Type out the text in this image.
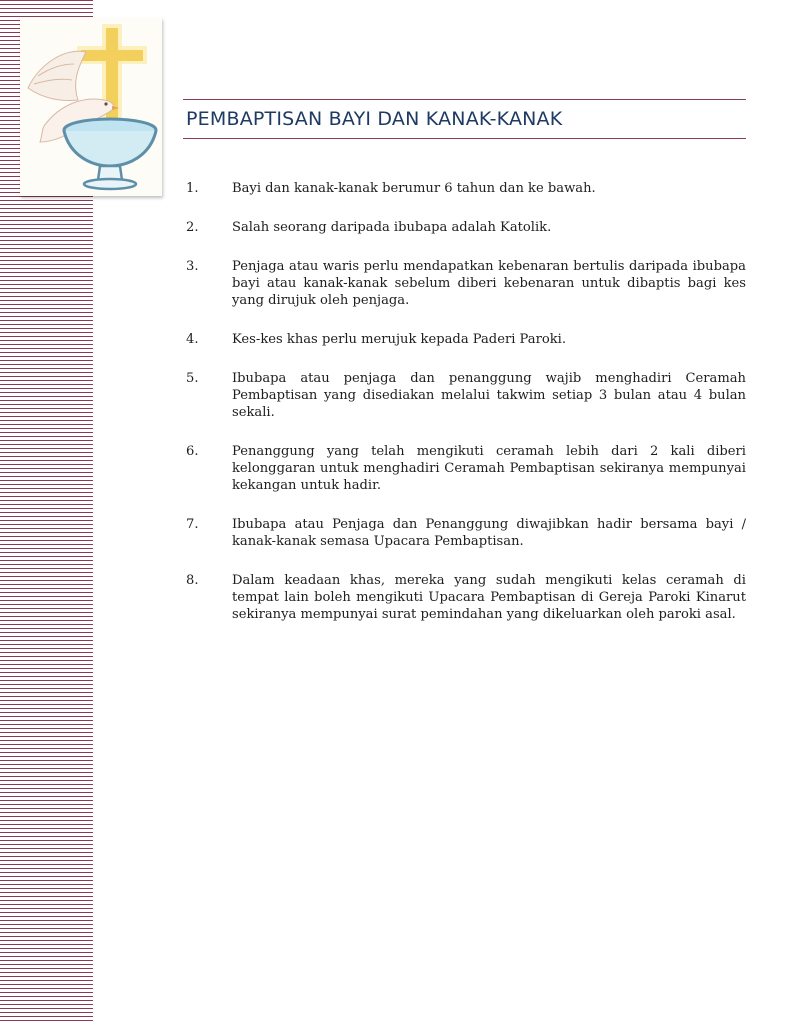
PEMBAPTISAN BAYI DAN KANAK-KANAK
1.	Bayi dan kanak-kanak berumur 6 tahun dan ke bawah.
2.	Salah seorang daripada ibubapa adalah Katolik.
3.	Penjaga atau waris perlu mendapatkan kebenaran bertulis daripada ibubapa bayi atau kanak-kanak sebelum diberi kebenaran untuk dibaptis bagi kes yang dirujuk oleh penjaga.
4.	Kes-kes khas perlu merujuk kepada Paderi Paroki.
5.	Ibubapa atau penjaga dan penanggung wajib menghadiri Ceramah Pembaptisan yang disediakan melalui takwim setiap 3 bulan atau 4 bulan sekali.
6.	Penanggung yang telah mengikuti ceramah lebih dari 2 kali diberi kelonggaran untuk menghadiri Ceramah Pembaptisan sekiranya mempunyai kekangan untuk hadir.
7.	Ibubapa atau Penjaga dan Penanggung diwajibkan hadir bersama bayi / kanak-kanak semasa Upacara Pembaptisan.
8.	Dalam keadaan khas, mereka yang sudah mengikuti kelas ceramah di tempat lain boleh mengikuti Upacara Pembaptisan di Gereja Paroki Kinarut sekiranya mempunyai surat pemindahan yang dikeluarkan oleh paroki asal.
